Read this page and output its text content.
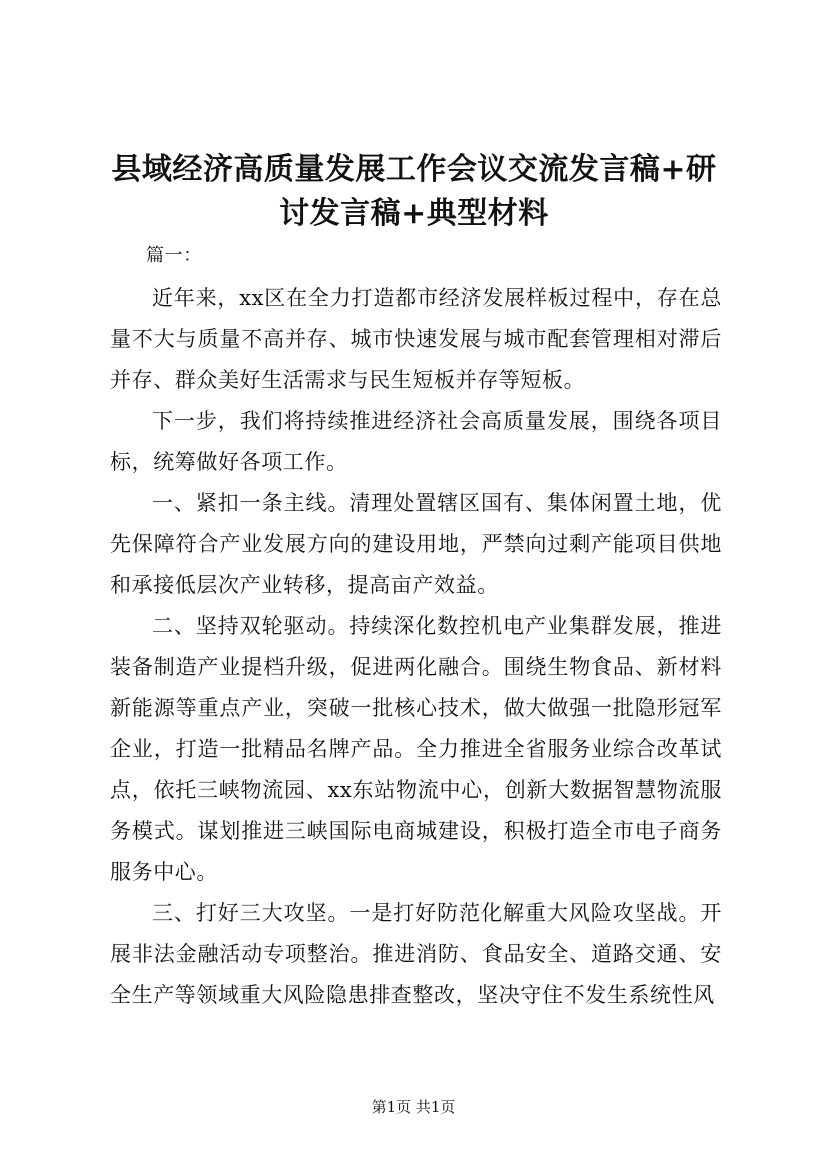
县域经济高质量发展工作会议交流发言稿+研讨发言稿+典型材料

篇一：

近年来，xx区在全力打造都市经济发展样板过程中，存在总量不大与质量不高并存、城市快速发展与城市配套管理相对滞后并存、群众美好生活需求与民生短板并存等短板。

下一步，我们将持续推进经济社会高质量发展，围绕各项目标，统筹做好各项工作。

一、紧扣一条主线。清理处置辖区国有、集体闲置土地，优先保障符合产业发展方向的建设用地，严禁向过剩产能项目供地和承接低层次产业转移，提高亩产效益。

二、坚持双轮驱动。持续深化数控机电产业集群发展，推进装备制造产业提档升级，促进两化融合。围绕生物食品、新材料新能源等重点产业，突破一批核心技术，做大做强一批隐形冠军企业，打造一批精品名牌产品。全力推进全省服务业综合改革试点，依托三峡物流园、xx东站物流中心，创新大数据智慧物流服务模式。谋划推进三峡国际电商城建设，积极打造全市电子商务服务中心。

三、打好三大攻坚。一是打好防范化解重大风险攻坚战。开展非法金融活动专项整治。推进消防、食品安全、道路交通、安全生产等领域重大风险隐患排查整改，坚决守住不发生系统性风

第1页 共1页
